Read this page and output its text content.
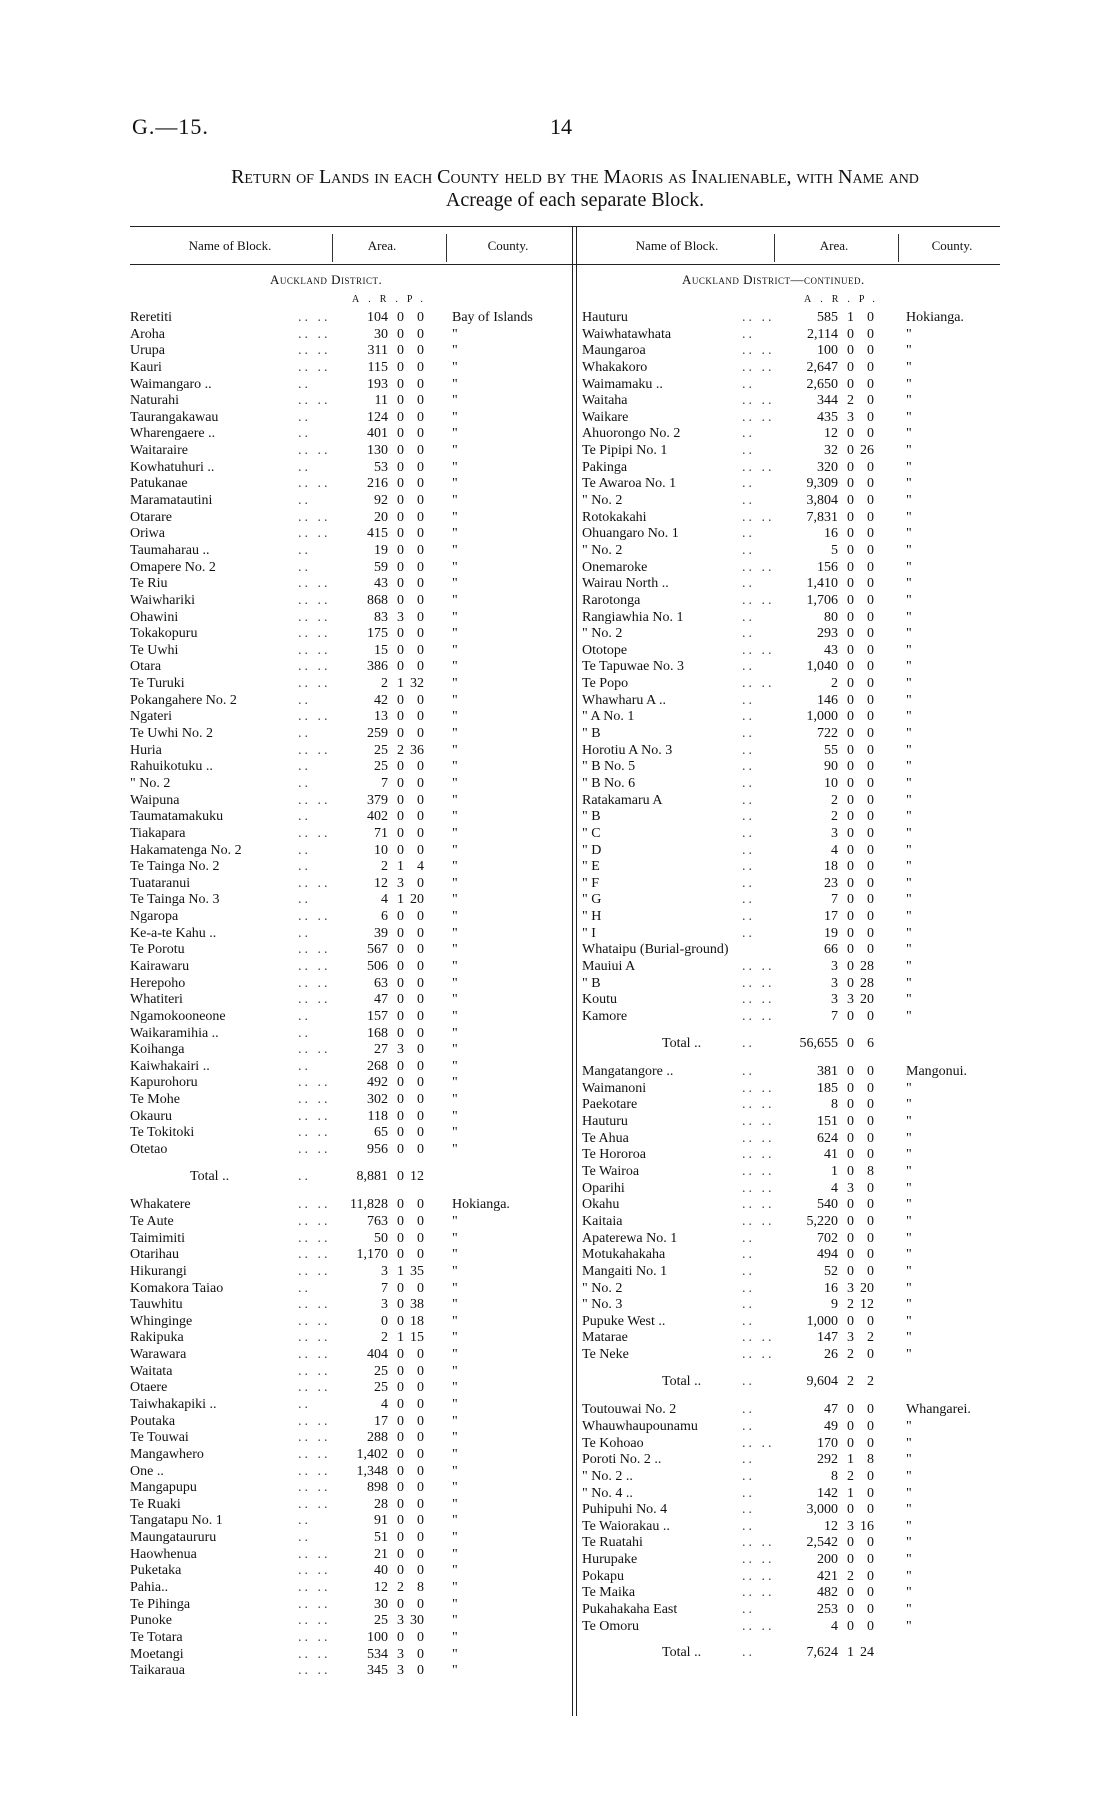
G.—15.	14
Return of Lands in each County held by the Maoris as Inalienable, with Name and
Acreage of each separate Block.
Name of Block.	Area.	County.
Auckland District.
A.R.P.
Reretiti	.. ..	104 0 0 Bay of Islands
Aroha	.. ..	30 0 0 "
Urupa	.. ..	311 0 0 "
Kauri	.. ..	115 0 0 "
Waimangaro ..	..	193 0 0 "
Naturahi	.. ..	11 0 0 "
Taurangakawau	..	124 0 0 "
Wharengaere ..	..	401 0 0 "
Waitaraire	.. ..	130 0 0 "
Kowhatuhuri ..	..	53 0 0 "
Patukanae	.. ..	216 0 0 "
Maramatautini	..	92 0 0 "
Otarare	.. ..	20 0 0 "
Oriwa	.. ..	415 0 0 "
Taumaharau ..	..	19 0 0 "
Omapere No. 2	..	59 0 0 "
Te Riu	.. ..	43 0 0 "
Waiwhariki	.. ..	868 0 0 "
Ohawini	.. ..	83 3 0 "
Tokakopuru	.. ..	175 0 0 "
Te Uwhi	.. ..	15 0 0 "
Otara	.. ..	386 0 0 "
Te Turuki	.. ..	2 1 32 "
Pokangahere No. 2	..	42 0 0 "
Ngateri	.. ..	13 0 0 "
Te Uwhi No. 2	..	259 0 0 "
Huria	.. ..	25 2 36 "
Rahuikotuku ..	..	25 0 0 "
" No. 2	..	7 0 0 "
Waipuna	.. ..	379 0 0 "
Taumatamakuku	..	402 0 0 "
Tiakapara	.. ..	71 0 0 "
Hakamatenga No. 2	..	10 0 0 "
Te Tainga No. 2	..	2 1 4 "
Tuataranui	.. ..	12 3 0 "
Te Tainga No. 3	..	4 1 20 "
Ngaropa	.. ..	6 0 0 "
Ke-a-te Kahu ..	..	39 0 0 "
Te Porotu	.. ..	567 0 0 "
Kairawaru	.. ..	506 0 0 "
Herepoho	.. ..	63 0 0 "
Whatiteri	.. ..	47 0 0 "
Ngamokooneone	..	157 0 0 "
Waikaramihia ..	..	168 0 0 "
Koihanga	.. ..	27 3 0 "
Kaiwhakairi ..	..	268 0 0 "
Kapurohoru	.. ..	492 0 0 "
Te Mohe	.. ..	302 0 0 "
Okauru	.. ..	118 0 0 "
Te Tokitoki	.. ..	65 0 0 "
Otetao	.. ..	956 0 0 "
Total ..	..	8,881 0 12
Whakatere	.. ..	11,828 0 0 Hokianga.
Te Aute	.. ..	763 0 0 "
Taimimiti	.. ..	50 0 0 "
Otarihau	.. ..	1,170 0 0 "
Hikurangi	.. ..	3 1 35 "
Komakora Taiao	..	7 0 0 "
Tauwhitu	.. ..	3 0 38 "
Whinginge	.. ..	0 0 18 "
Rakipuka	.. ..	2 1 15 "
Warawara	.. ..	404 0 0 "
Waitata	.. ..	25 0 0 "
Otaere	.. ..	25 0 0 "
Taiwhakapiki ..	..	4 0 0 "
Poutaka	.. ..	17 0 0 "
Te Touwai	.. ..	288 0 0 "
Mangawhero	.. ..	1,402 0 0 "
One ..	.. ..	1,348 0 0 "
Mangapupu	.. ..	898 0 0 "
Te Ruaki	.. ..	28 0 0 "
Tangatapu No. 1	..	91 0 0 "
Maungataururu	..	51 0 0 "
Haowhenua	.. ..	21 0 0 "
Puketaka	.. ..	40 0 0 "
Pahia..	.. ..	12 2 8 "
Te Pihinga	.. ..	30 0 0 "
Punoke	.. ..	25 3 30 "
Te Totara	.. ..	100 0 0 "
Moetangi	.. ..	534 3 0 "
Taikaraua	.. ..	345 3 0 "
Name of Block.	Area.	County.
Auckland District—continued.
A.R.P.
Hauturu	.. ..	585 1 0 Hokianga.
Waiwhatawhata	..	2,114 0 0 "
Maungaroa	.. ..	100 0 0 "
Whakakoro	.. ..	2,647 0 0 "
Waimamaku ..	..	2,650 0 0 "
Waitaha	.. ..	344 2 0 "
Waikare	.. ..	435 3 0 "
Ahuorongo No. 2	..	12 0 0 "
Te Pipipi No. 1	..	32 0 26 "
Pakinga	.. ..	320 0 0 "
Te Awaroa No. 1	..	9,309 0 0 "
" No. 2	..	3,804 0 0 "
Rotokakahi	.. ..	7,831 0 0 "
Ohuangaro No. 1	..	16 0 0 "
" No. 2	..	5 0 0 "
Onemaroke	.. ..	156 0 0 "
Wairau North ..	..	1,410 0 0 "
Rarotonga	.. ..	1,706 0 0 "
Rangiawhia No. 1	..	80 0 0 "
" No. 2	..	293 0 0 "
Ototope	.. ..	43 0 0 "
Te Tapuwae No. 3	..	1,040 0 0 "
Te Popo	.. ..	2 0 0 "
Whawharu A ..	..	146 0 0 "
" A No. 1	..	1,000 0 0 "
" B	..	722 0 0 "
Horotiu A No. 3	..	55 0 0 "
" B No. 5	..	90 0 0 "
" B No. 6	..	10 0 0 "
Ratakamaru A	..	2 0 0 "
" B	..	2 0 0 "
" C	..	3 0 0 "
" D	..	4 0 0 "
" E	..	18 0 0 "
" F	..	23 0 0 "
" G	..	7 0 0 "
" H	..	17 0 0 "
" I	..	19 0 0 "
Whataipu (Burial-ground)	66 0 0 "
Mauiui A	.. ..	3 0 28 "
" B	.. ..	3 0 28 "
Koutu	.. ..	3 3 20 "
Kamore	.. ..	7 0 0 "
Total ..	..	56,655 0 6
Mangatangore ..	..	381 0 0 Mangonui.
Waimanoni	.. ..	185 0 0 "
Paekotare	.. ..	8 0 0 "
Hauturu	.. ..	151 0 0 "
Te Ahua	.. ..	624 0 0 "
Te Hororoa	.. ..	41 0 0 "
Te Wairoa	.. ..	1 0 8 "
Oparihi	.. ..	4 3 0 "
Okahu	.. ..	540 0 0 "
Kaitaia	.. ..	5,220 0 0 "
Apaterewa No. 1	..	702 0 0 "
Motukahakaha	..	494 0 0 "
Mangaiti No. 1	..	52 0 0 "
" No. 2	..	16 3 20 "
" No. 3	..	9 2 12 "
Pupuke West ..	..	1,000 0 0 "
Matarae	.. ..	147 3 2 "
Te Neke	.. ..	26 2 0 "
Total ..	..	9,604 2 2
Toutouwai No. 2	..	47 0 0 Whangarei.
Whauwhaupounamu	..	49 0 0 "
Te Kohoao	.. ..	170 0 0 "
Poroti No. 2 ..	..	292 1 8 "
" No. 2 ..	..	8 2 0 "
" No. 4 ..	..	142 1 0 "
Puhipuhi No. 4	..	3,000 0 0 "
Te Waiorakau ..	..	12 3 16 "
Te Ruatahi	.. ..	2,542 0 0 "
Hurupake	.. ..	200 0 0 "
Pokapu	.. ..	421 2 0 "
Te Maika	.. ..	482 0 0 "
Pukahakaha East	..	253 0 0 "
Te Omoru	.. ..	4 0 0 "
Total ..	..	7,624 1 24
